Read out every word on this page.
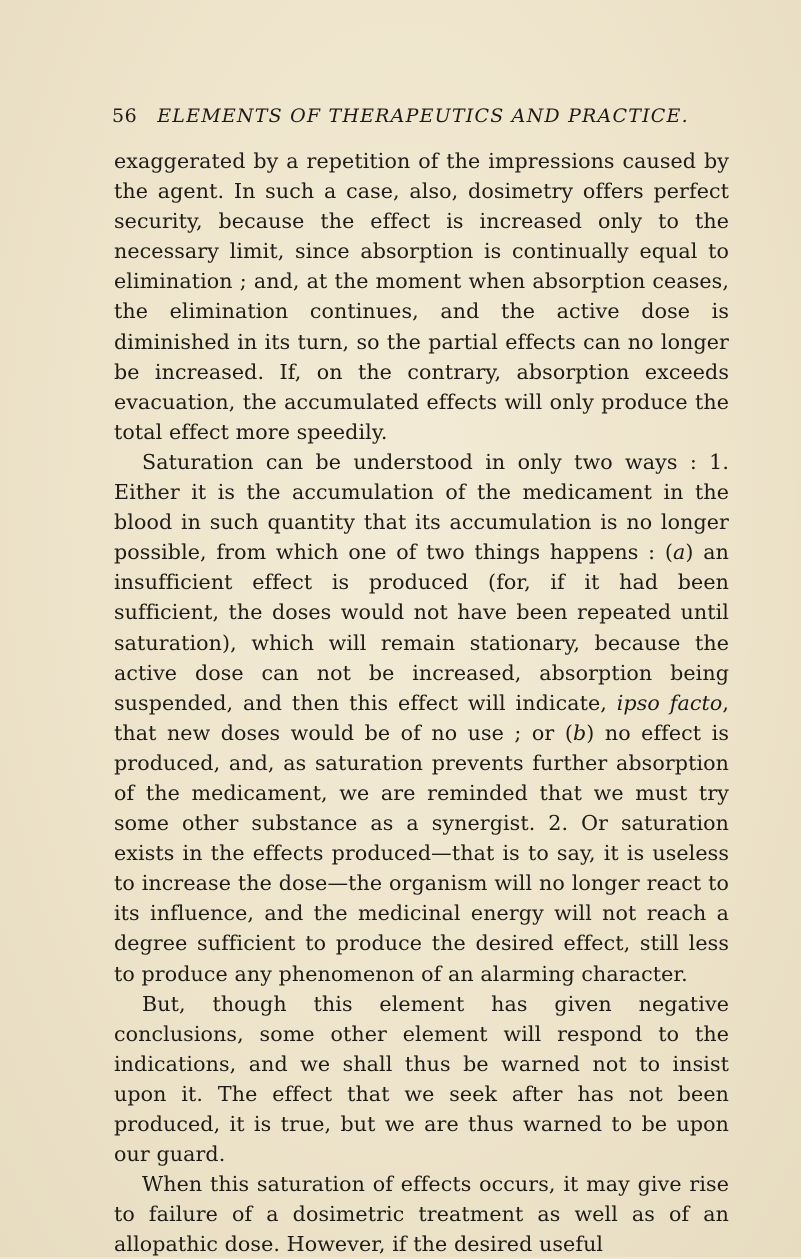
56 ELEMENTS OF THERAPEUTICS AND PRACTICE.

exaggerated by a repetition of the impressions caused by the agent. In such a case, also, dosimetry offers perfect security, because the effect is increased only to the necessary limit, since absorption is continually equal to elimination ; and, at the moment when absorption ceases, the elimination continues, and the active dose is diminished in its turn, so the partial effects can no longer be increased. If, on the contrary, absorption exceeds evacuation, the accumulated effects will only produce the total effect more speedily.

Saturation can be understood in only two ways : 1. Either it is the accumulation of the medicament in the blood in such quantity that its accumulation is no longer possible, from which one of two things happens : (a) an insufficient effect is produced (for, if it had been sufficient, the doses would not have been repeated until saturation), which will remain stationary, because the active dose can not be increased, absorption being suspended, and then this effect will indicate, ipso facto, that new doses would be of no use ; or (b) no effect is produced, and, as saturation prevents further absorption of the medicament, we are reminded that we must try some other substance as a synergist. 2. Or saturation exists in the effects produced—that is to say, it is useless to increase the dose—the organism will no longer react to its influence, and the medicinal energy will not reach a degree sufficient to produce the desired effect, still less to produce any phenomenon of an alarming character.

But, though this element has given negative conclusions, some other element will respond to the indications, and we shall thus be warned not to insist upon it. The effect that we seek after has not been produced, it is true, but we are thus warned to be upon our guard.

When this saturation of effects occurs, it may give rise to failure of a dosimetric treatment as well as of an allopathic dose. However, if the desired useful
